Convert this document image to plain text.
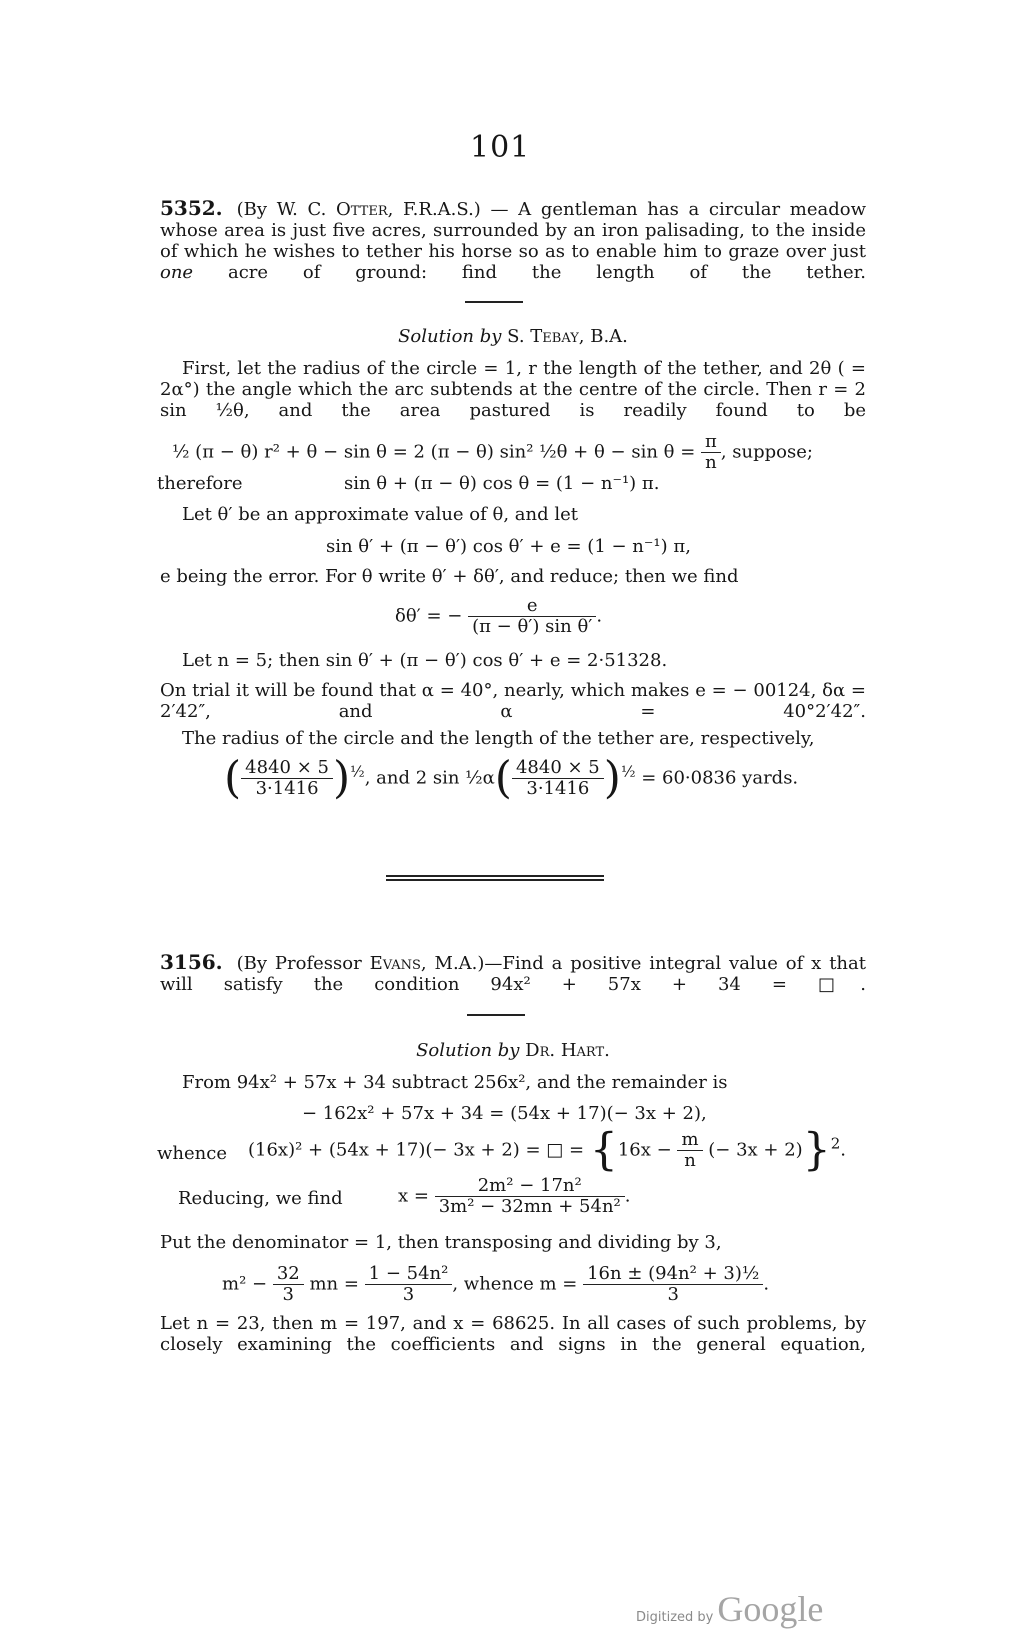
101
5352. (By W. C. Otter, F.R.A.S.) — A gentleman has a circular meadow whose area is just five acres, surrounded by an iron palisading, to the inside of which he wishes to tether his horse so as to enable him to graze over just one acre of ground: find the length of the tether.
Solution by S. Tebay, B.A.
First, let the radius of the circle = 1, r the length of the tether, and 2θ ( = 2α°) the angle which the arc subtends at the centre of the circle. Then r = 2 sin ½θ, and the area pastured is readily found to be
½ (π − θ) r² + θ − sin θ = 2 (π − θ) sin² ½θ + $\theta - \sin \theta = \frac{\pi}{n}$ , suppose;
therefore	sin θ + (π − θ) cos θ = (1 − n⁻¹) π.
Let θ′ be an approximate value of θ, and let
sin θ′ + (π − θ′) cos θ′ + e = (1 − n⁻¹) π,
e being the error. For θ write θ′ + δθ′, and reduce; then we find
δθ′ = − $\frac{e}{\text{(π − θ′) sin θ′}}$ .
Let n = 5; then sin θ′ + (π − θ′) cos θ′ + e = 2·51328.
On trial it will be found that α = 40°, nearly, which makes e = − 00124, δα = 2′42″, and α = 40°2′42″.
The radius of the circle and the length of the tether are, respectively,
( $\frac{4840 \times 5}{3\cdot 1416} )^{\frac{1}{2}}$, and 2 sin ½α( $\frac{4840 \times 5}{3\cdot 1416} )^{\frac{1}{2}} = 60\cdot 0836$ yards.
3156. (By Professor Evans, M.A.)—Find a positive integral value of x that will satisfy the condition 94x² + 57x + 34 = □.
Solution by Dr. Hart.
From 94x² + 57x + 34 subtract 256x², and the remainder is
− 162x² + 57x + 34 = (54x + 17)(− 3x + 2),
whence (16x)² + (54x + 17)(− 3x + 2) = □ = {$16x - \frac{m}{n}$ (− 3x + 2)}$^2$.
Reducing, we find	$x = \frac{\text{2m² − 17n²}}{\text{3m² − 32mn + 54n²}}$ .
Put the denominator = 1, then transposing and dividing by 3,
$m^2 - \frac{32}{3}$ mn = $\frac{\text{1 − 54n²}}{3}$ , whence $m = \frac{\text{16n ± (94n² + 3)½}}{3}$ .
Let n = 23, then m = 197, and x = 68625. In all cases of such problems, by closely examining the coefficients and signs in the general equation,
Digitized by Google
